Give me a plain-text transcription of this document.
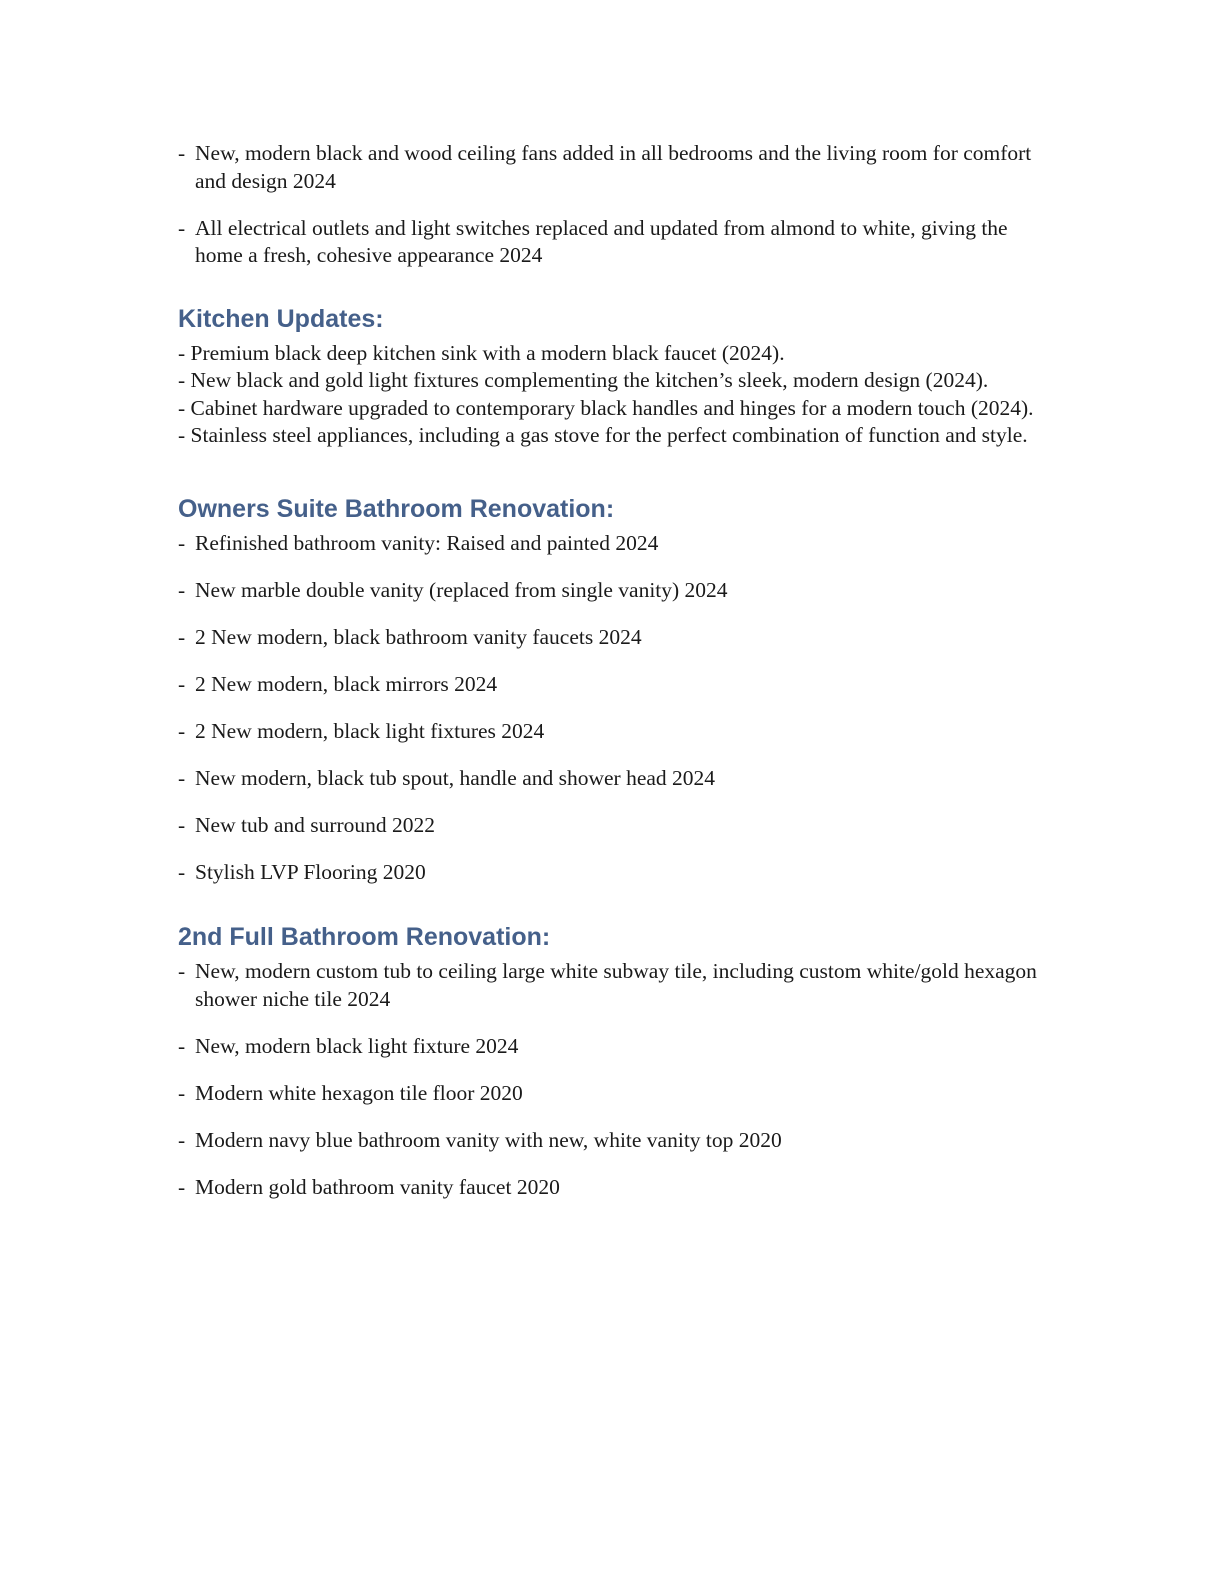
- New, modern black and wood ceiling fans added in all bedrooms and the living room for comfort and design 2024
- All electrical outlets and light switches replaced and updated from almond to white, giving the home a fresh, cohesive appearance 2024
Kitchen Updates:
- Premium black deep kitchen sink with a modern black faucet (2024).
- New black and gold light fixtures complementing the kitchen’s sleek, modern design (2024).
- Cabinet hardware upgraded to contemporary black handles and hinges for a modern touch (2024).
- Stainless steel appliances, including a gas stove for the perfect combination of function and style.
Owners Suite Bathroom Renovation:
- Refinished bathroom vanity: Raised and painted 2024
- New marble double vanity (replaced from single vanity) 2024
- 2 New modern, black bathroom vanity faucets 2024
- 2 New modern, black mirrors 2024
- 2 New modern, black light fixtures 2024
- New modern, black tub spout, handle and shower head 2024
- New tub and surround 2022
- Stylish LVP Flooring 2020
2nd Full Bathroom Renovation:
- New, modern custom tub to ceiling large white subway tile, including custom white/gold hexagon shower niche tile 2024
- New, modern black light fixture 2024
- Modern white hexagon tile floor 2020
- Modern navy blue bathroom vanity with new, white vanity top 2020
- Modern gold bathroom vanity faucet 2020
